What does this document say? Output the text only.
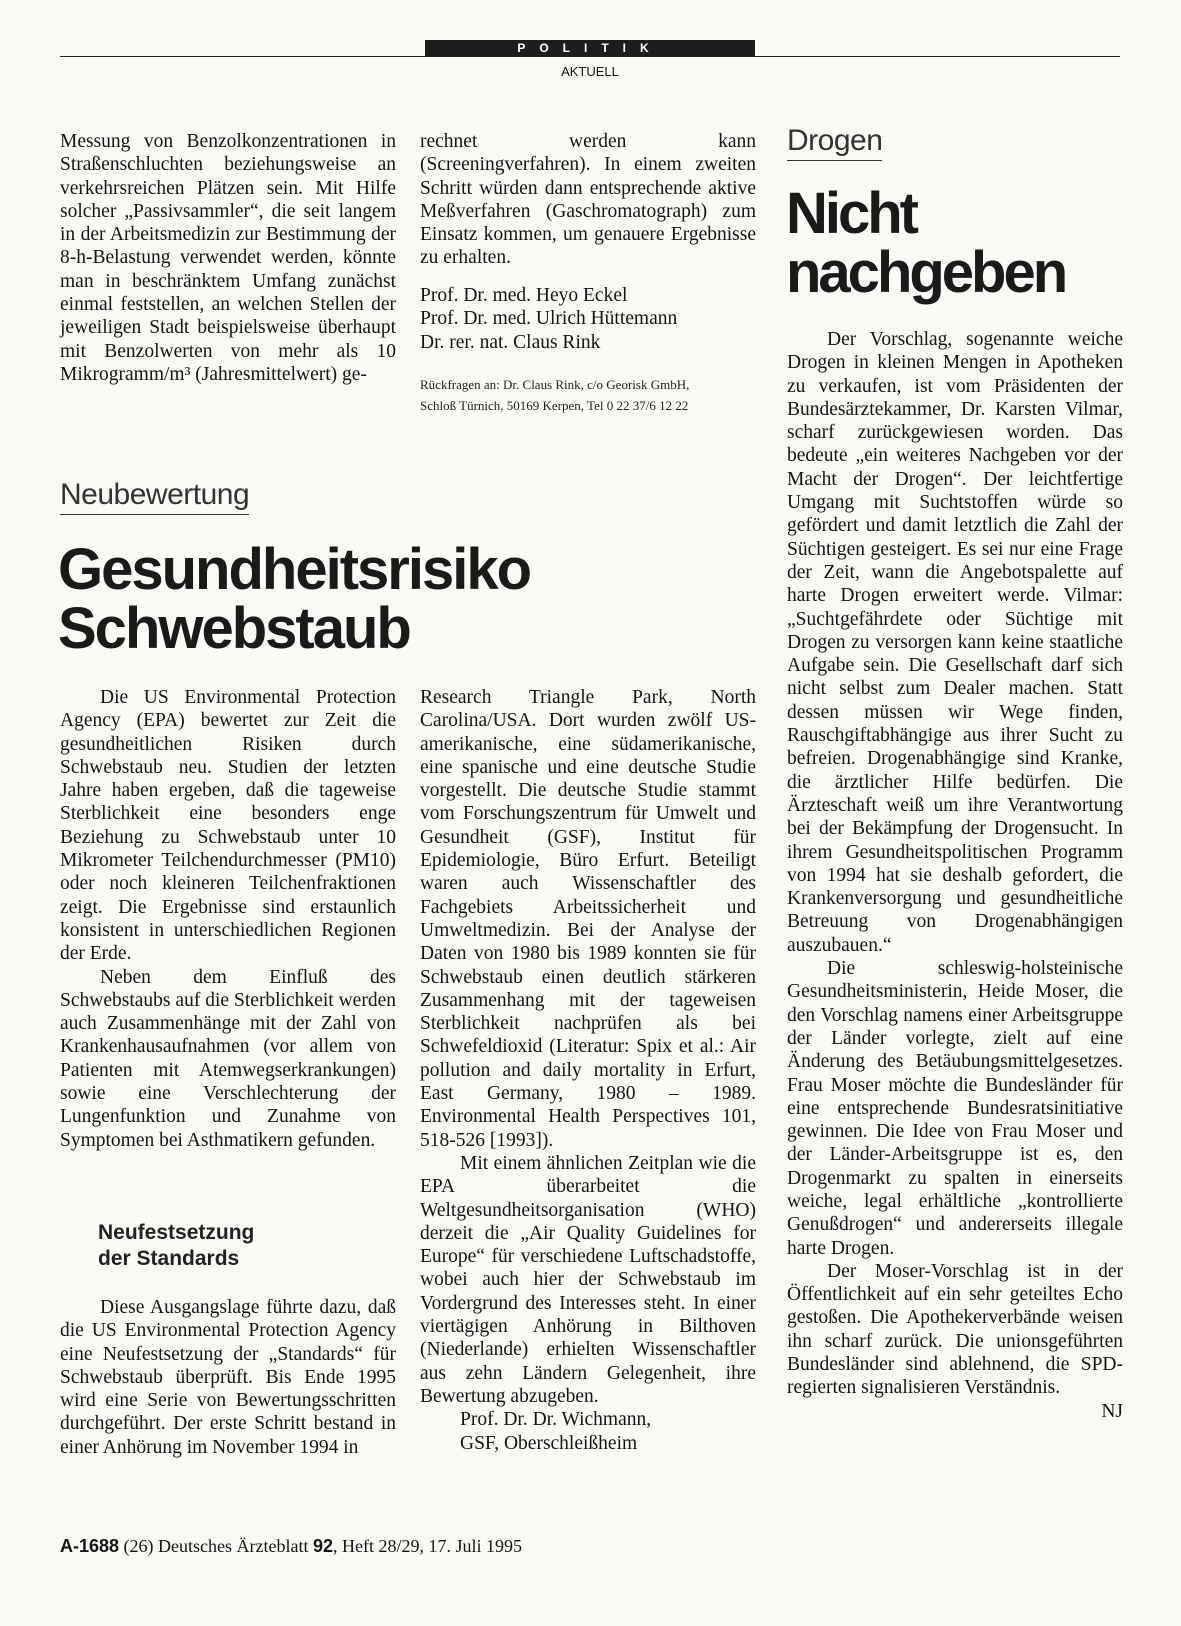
POLITIK
AKTUELL

Messung von Benzolkonzentrationen in Straßenschluchten beziehungsweise an verkehrsreichen Plätzen sein. Mit Hilfe solcher „Passivsammler“, die seit langem in der Arbeitsmedizin zur Bestimmung der 8-h-Belastung verwendet werden, könnte man in beschränktem Umfang zunächst einmal feststellen, an welchen Stellen der jeweiligen Stadt beispielsweise überhaupt mit Benzolwerten von mehr als 10 Mikrogramm/m³ (Jahresmittelwert) ge-

rechnet werden kann (Screeningverfahren). In einem zweiten Schritt würden dann entsprechende aktive Meßverfahren (Gaschromatograph) zum Einsatz kommen, um genauere Ergebnisse zu erhalten.

Prof. Dr. med. Heyo Eckel
Prof. Dr. med. Ulrich Hüttemann
Dr. rer. nat. Claus Rink
Rückfragen an: Dr. Claus Rink, c/o Georisk GmbH,
Schloß Türnich, 50169 Kerpen, Tel 0 22 37/6 12 22
Neubewertung
Gesundheitsrisiko
Schwebstaub

Die US Environmental Protection Agency (EPA) bewertet zur Zeit die gesundheitlichen Risiken durch Schwebstaub neu. Studien der letzten Jahre haben ergeben, daß die tageweise Sterblichkeit eine besonders enge Beziehung zu Schwebstaub unter 10 Mikrometer Teilchendurchmesser (PM10) oder noch kleineren Teilchenfraktionen zeigt. Die Ergebnisse sind erstaunlich konsistent in unterschiedlichen Regionen der Erde.

Neben dem Einfluß des Schwebstaubs auf die Sterblichkeit werden auch Zusammenhänge mit der Zahl von Krankenhausaufnahmen (vor allem von Patienten mit Atemwegserkrankungen) sowie eine Verschlechterung der Lungenfunktion und Zunahme von Symptomen bei Asthmatikern gefunden.

Neufestsetzung
der Standards

Diese Ausgangslage führte dazu, daß die US Environmental Protection Agency eine Neufestsetzung der „Standards“ für Schwebstaub überprüft. Bis Ende 1995 wird eine Serie von Bewertungsschritten durchgeführt. Der erste Schritt bestand in einer Anhörung im November 1994 in

Research Triangle Park, North Carolina/USA. Dort wurden zwölf US-amerikanische, eine südamerikanische, eine spanische und eine deutsche Studie vorgestellt. Die deutsche Studie stammt vom Forschungszentrum für Umwelt und Gesundheit (GSF), Institut für Epidemiologie, Büro Erfurt. Beteiligt waren auch Wissenschaftler des Fachgebiets Arbeitssicherheit und Umweltmedizin. Bei der Analyse der Daten von 1980 bis 1989 konnten sie für Schwebstaub einen deutlich stärkeren Zusammenhang mit der tageweisen Sterblichkeit nachprüfen als bei Schwefeldioxid (Literatur: Spix et al.: Air pollution and daily mortality in Erfurt, East Germany, 1980 – 1989. Environmental Health Perspectives 101, 518-526 [1993]).

Mit einem ähnlichen Zeitplan wie die EPA überarbeitet die Weltgesundheitsorganisation (WHO) derzeit die „Air Quality Guidelines for Europe“ für verschiedene Luftschadstoffe, wobei auch hier der Schwebstaub im Vordergrund des Interesses steht. In einer viertägigen Anhörung in Bilthoven (Niederlande) erhielten Wissenschaftler aus zehn Ländern Gelegenheit, ihre Bewertung abzugeben.

Prof. Dr. Dr. Wichmann,
GSF, Oberschleißheim
Drogen
Nicht
nachgeben

Der Vorschlag, sogenannte weiche Drogen in kleinen Mengen in Apotheken zu verkaufen, ist vom Präsidenten der Bundesärztekammer, Dr. Karsten Vilmar, scharf zurückgewiesen worden. Das bedeute „ein weiteres Nachgeben vor der Macht der Drogen“. Der leichtfertige Umgang mit Suchtstoffen würde so gefördert und damit letztlich die Zahl der Süchtigen gesteigert. Es sei nur eine Frage der Zeit, wann die Angebotspalette auf harte Drogen erweitert werde. Vilmar: „Suchtgefährdete oder Süchtige mit Drogen zu versorgen kann keine staatliche Aufgabe sein. Die Gesellschaft darf sich nicht selbst zum Dealer machen. Statt dessen müssen wir Wege finden, Rauschgiftabhängige aus ihrer Sucht zu befreien. Drogenabhängige sind Kranke, die ärztlicher Hilfe bedürfen. Die Ärzteschaft weiß um ihre Verantwortung bei der Bekämpfung der Drogensucht. In ihrem Gesundheitspolitischen Programm von 1994 hat sie deshalb gefordert, die Krankenversorgung und gesundheitliche Betreuung von Drogenabhängigen auszubauen.“

Die schleswig-holsteinische Gesundheitsministerin, Heide Moser, die den Vorschlag namens einer Arbeitsgruppe der Länder vorlegte, zielt auf eine Änderung des Betäubungsmittelgesetzes. Frau Moser möchte die Bundesländer für eine entsprechende Bundesratsinitiative gewinnen. Die Idee von Frau Moser und der Länder-Arbeitsgruppe ist es, den Drogenmarkt zu spalten in einerseits weiche, legal erhältliche „kontrollierte Genußdrogen“ und andererseits illegale harte Drogen.

Der Moser-Vorschlag ist in der Öffentlichkeit auf ein sehr geteiltes Echo gestoßen. Die Apothekerverbände weisen ihn scharf zurück. Die unionsgeführten Bundesländer sind ablehnend, die SPD-regierten signalisieren Verständnis.

NJ

A-1688 (26) Deutsches Ärzteblatt 92, Heft 28/29, 17. Juli 1995
